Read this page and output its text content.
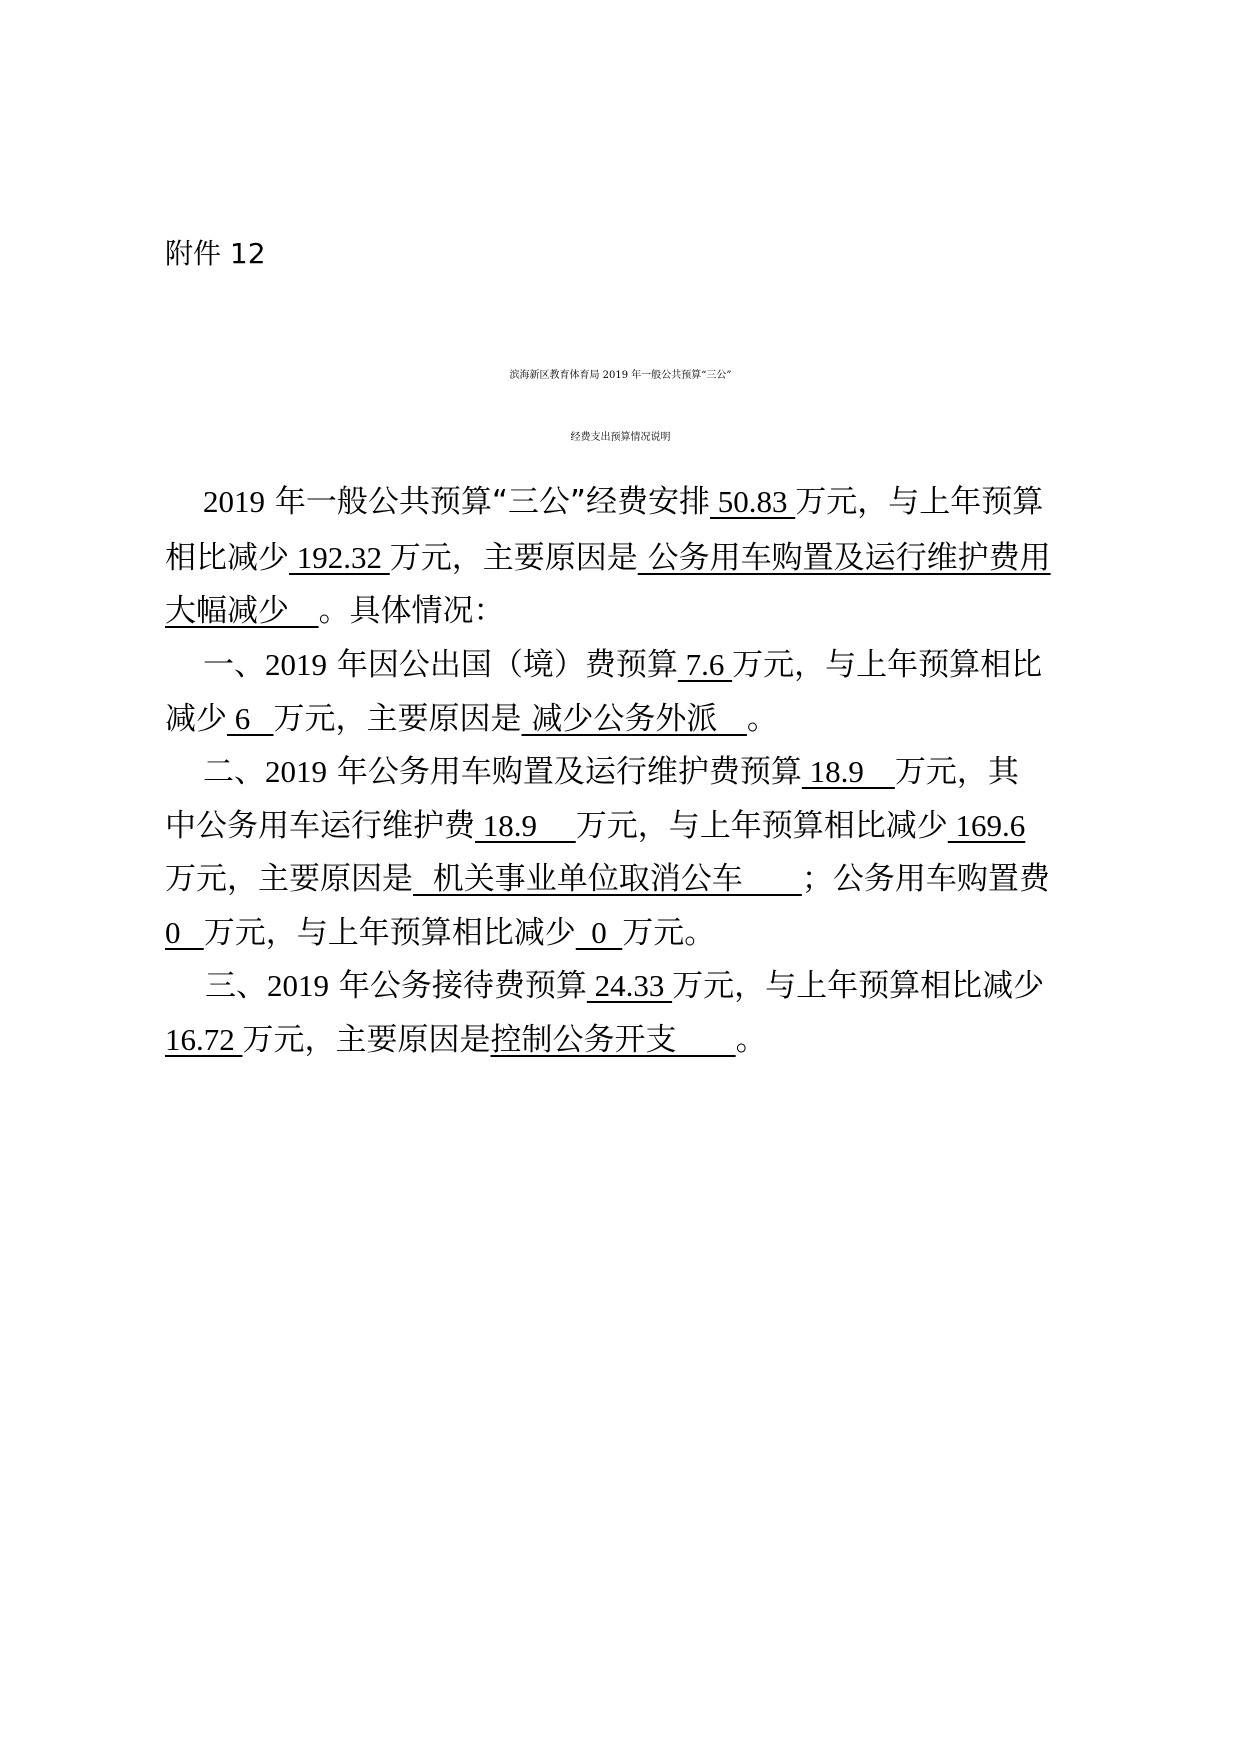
附件 12
滨海新区教育体育局 2019 年一般公共预算“三公”
经费支出预算情况说明
2019 年一般公共预算“三公”经费安排 50.83 万元，与上年预算
相比减少 192.32 万元，主要原因是 公务用车购置及运行维护费用
大幅减少   。具体情况：
一、2019 年因公出国（境）费预算 7.6 万元，与上年预算相比
减少 6   万元，主要原因是 减少公务外派   。
二、2019 年公务用车购置及运行维护费预算 18.9    万元，其
中公务用车运行维护费 18.9     万元，与上年预算相比减少 169.6
万元，主要原因是  机关事业单位取消公车      ；公务用车购置费
0   万元，与上年预算相比减少  0  万元。
三、2019 年公务接待费预算 24.33 万元，与上年预算相比减少
16.72 万元，主要原因是控制公务开支      。
